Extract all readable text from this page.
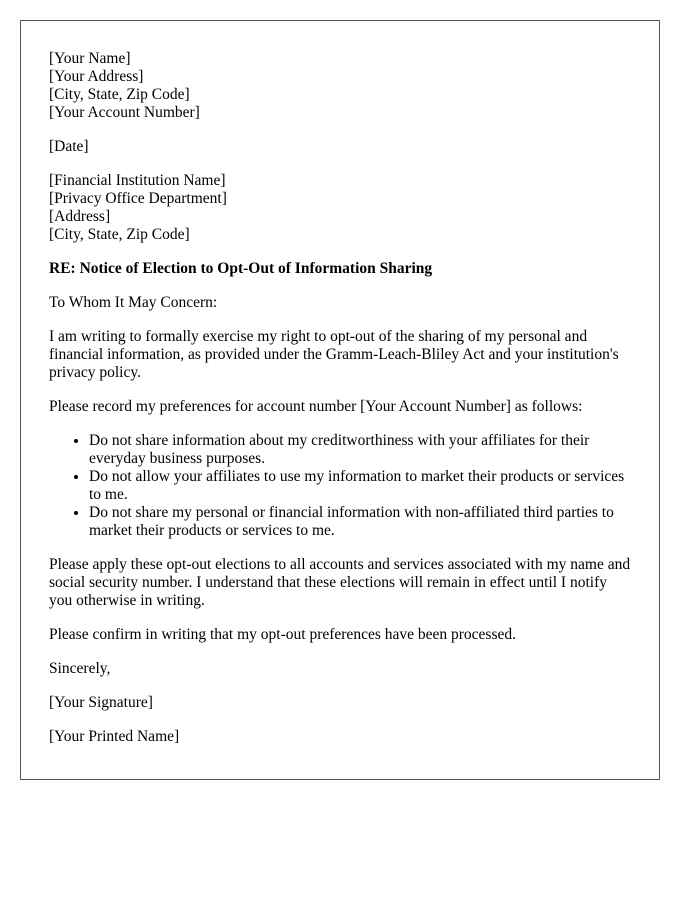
[Your Name]
[Your Address]
[City, State, Zip Code]
[Your Account Number]
[Date]
[Financial Institution Name]
[Privacy Office Department]
[Address]
[City, State, Zip Code]
RE: Notice of Election to Opt-Out of Information Sharing

To Whom It May Concern:

I am writing to formally exercise my right to opt-out of the sharing of my personal and financial information, as provided under the Gramm-Leach-Bliley Act and your institution's privacy policy.

Please record my preferences for account number [Your Account Number] as follows:

• Do not share information about my creditworthiness with your affiliates for their everyday business purposes.
• Do not allow your affiliates to use my information to market their products or services to me.
• Do not share my personal or financial information with non-affiliated third parties to market their products or services to me.

Please apply these opt-out elections to all accounts and services associated with my name and social security number. I understand that these elections will remain in effect until I notify you otherwise in writing.

Please confirm in writing that my opt-out preferences have been processed.

Sincerely,

[Your Signature]

[Your Printed Name]
